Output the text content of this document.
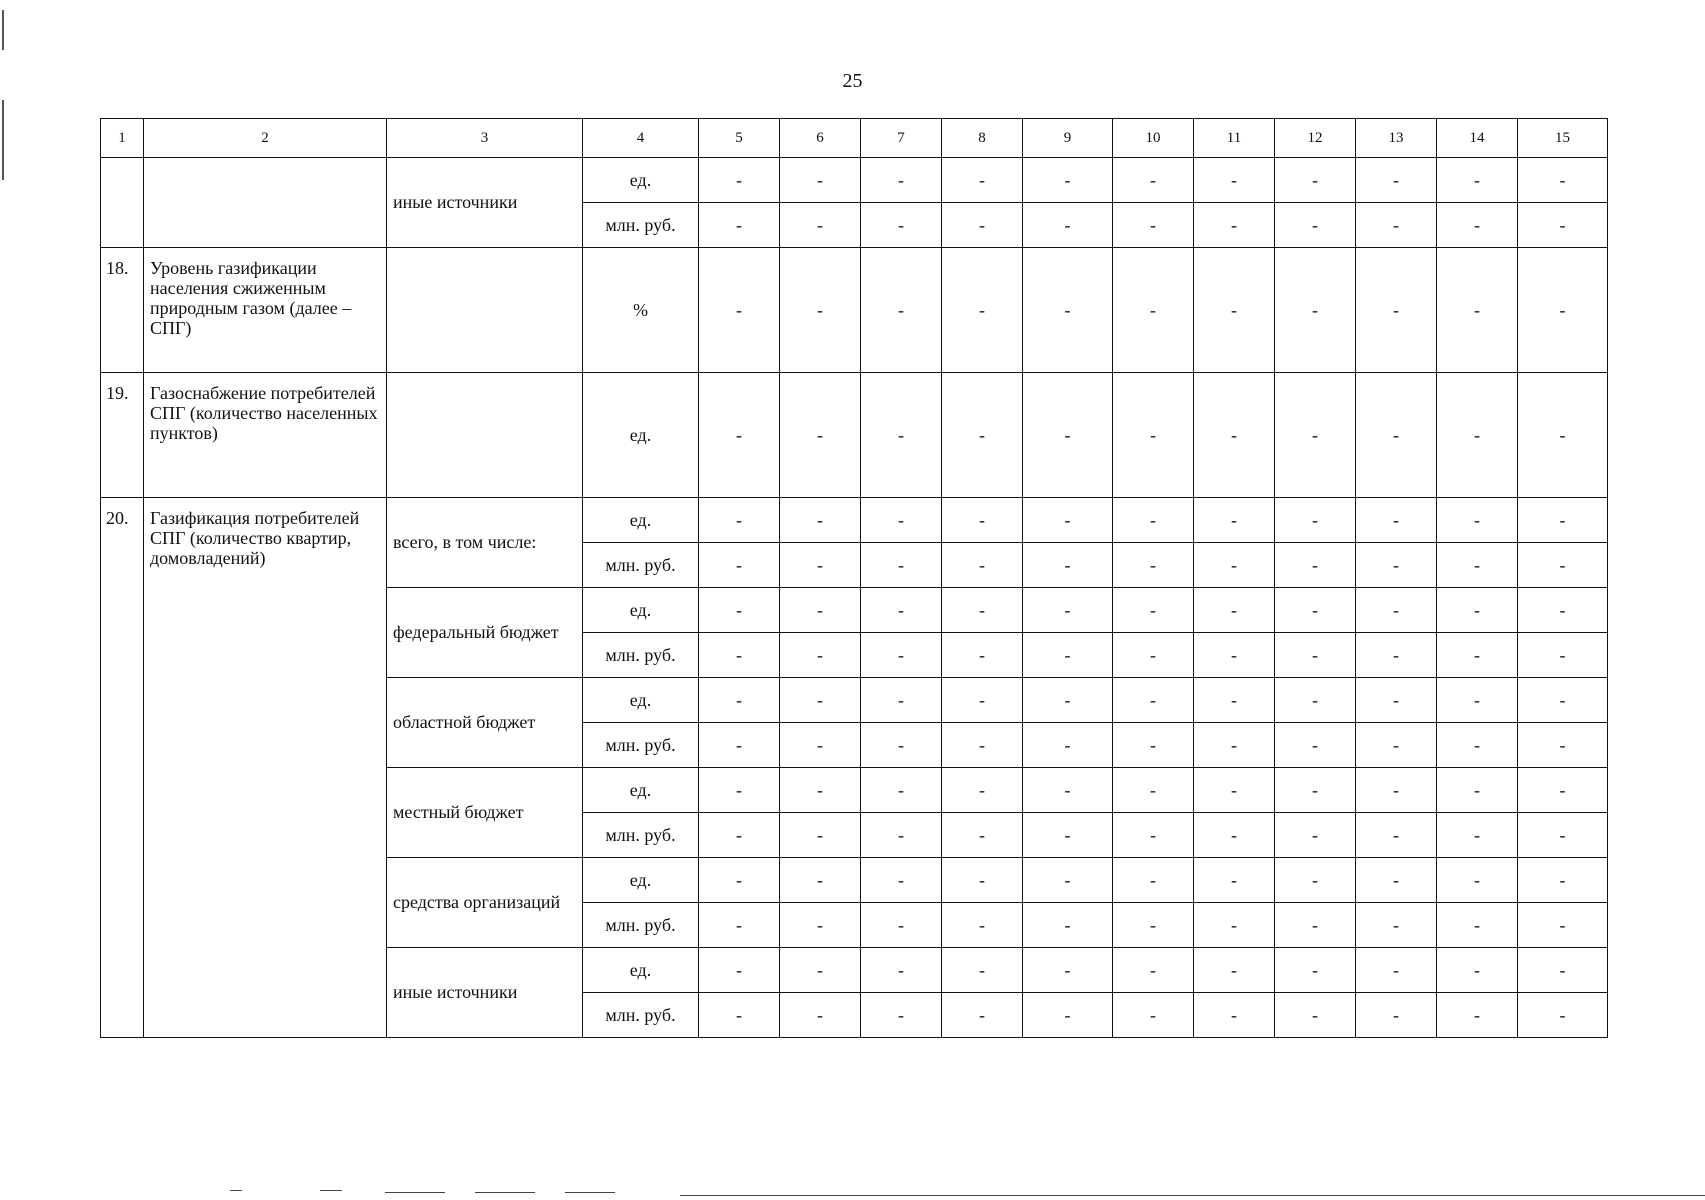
25
1	2	3	4	5	6	7	8	9	10	11	12	13	14	15
		иные источники	ед.	-	-	-	-	-	-	-	-	-	-	-
			млн. руб.	-	-	-	-	-	-	-	-	-	-	-
18.	Уровень газификации населения сжиженным природным газом (далее – СПГ)		%	-	-	-	-	-	-	-	-	-	-	-
19.	Газоснабжение потребителей СПГ (количество населенных пунктов)		ед.	-	-	-	-	-	-	-	-	-	-	-
20.	Газификация потребителей СПГ (количество квартир, домовладений)	всего, в том числе:	ед.	-	-	-	-	-	-	-	-	-	-	-
			млн. руб.	-	-	-	-	-	-	-	-	-	-	-
		федеральный бюджет	ед.	-	-	-	-	-	-	-	-	-	-	-
			млн. руб.	-	-	-	-	-	-	-	-	-	-	-
		областной бюджет	ед.	-	-	-	-	-	-	-	-	-	-	-
			млн. руб.	-	-	-	-	-	-	-	-	-	-	-
		местный бюджет	ед.	-	-	-	-	-	-	-	-	-	-	-
			млн. руб.	-	-	-	-	-	-	-	-	-	-	-
		средства организаций	ед.	-	-	-	-	-	-	-	-	-	-	-
			млн. руб.	-	-	-	-	-	-	-	-	-	-	-
		иные источники	ед.	-	-	-	-	-	-	-	-	-	-	-
			млн. руб.	-	-	-	-	-	-	-	-	-	-	-
